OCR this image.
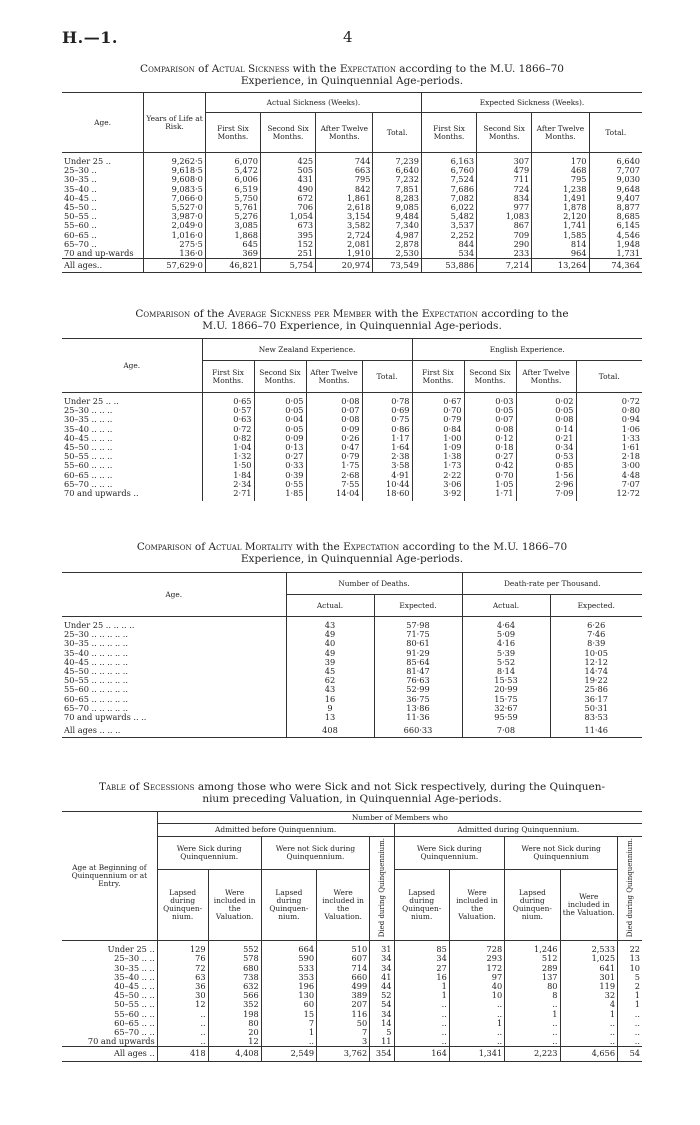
H.—1.	4
Comparison of Actual Sickness with the Expectation according to the M.U. 1866–70
Experience, in Quinquennial Age-periods.
Age.	Years of Life at Risk.	Actual Sickness (Weeks).				Expected Sickness (Weeks).			
		First Six Months.	Second Six Months.	After Twelve Months.	Total.	First Six Months.	Second Six Months.	After Twelve Months.	Total.
Under 25 ..	9,262·5	6,070	425	744	7,239	6,163	307	170	6,640
25–30 ..	9,618·5	5,472	505	663	6,640	6,760	479	468	7,707
30–35 ..	9,608·0	6,006	431	795	7,232	7,524	711	795	9,030
35–40 ..	9,083·5	6,519	490	842	7,851	7,686	724	1,238	9,648
40–45 ..	7,066·0	5,750	672	1,861	8,283	7,082	834	1,491	9,407
45–50 ..	5,527·0	5,761	706	2,618	9,085	6,022	977	1,878	8,877
50–55 ..	3,987·0	5,276	1,054	3,154	9,484	5,482	1,083	2,120	8,685
55–60 ..	2,049·0	3,085	673	3,582	7,340	3,537	867	1,741	6,145
60–65 ..	1,016·0	1,868	395	2,724	4,987	2,252	709	1,585	4,546
65–70 ..	275·5	645	152	2,081	2,878	844	290	814	1,948
70 and up-wards	136·0	369	251	1,910	2,530	534	233	964	1,731
All ages..	57,629·0	46,821	5,754	20,974	73,549	53,886	7,214	13,264	74,364
Comparison of the Average Sickness per Member with the Expectation according to the
M.U. 1866–70 Experience, in Quinquennial Age-periods.
Age.	New Zealand Experience.				English Experience.			
	First Six Months.	Second Six Months.	After Twelve Months.	Total.	First Six Months.	Second Six Months.	After Twelve Months.	Total.
Under 25 .. ..	0·65	0·05	0·08	0·78	0·67	0·03	0·02	0·72
25–30 .. .. ..	0·57	0·05	0·07	0·69	0·70	0·05	0·05	0·80
30–35 .. .. ..	0·63	0·04	0·08	0·75	0·79	0·07	0·08	0·94
35–40 .. .. ..	0·72	0·05	0·09	0·86	0·84	0·08	0·14	1·06
40–45 .. .. ..	0·82	0·09	0·26	1·17	1·00	0·12	0·21	1·33
45–50 .. .. ..	1·04	0·13	0·47	1·64	1·09	0·18	0·34	1·61
50–55 .. .. ..	1·32	0·27	0·79	2·38	1·38	0·27	0·53	2·18
55–60 .. .. ..	1·50	0·33	1·75	3·58	1·73	0·42	0·85	3·00
60–65 .. .. ..	1·84	0·39	2·68	4·91	2·22	0·70	1·56	4·48
65–70 .. .. ..	2·34	0·55	7·55	10·44	3·06	1·05	2·96	7·07
70 and upwards ..	2·71	1·85	14·04	18·60	3·92	1·71	7·09	12·72
Comparison of Actual Mortality with the Expectation according to the M.U. 1866–70
Experience, in Quinquennial Age-periods.
Age.	Number of Deaths.		Death-rate per Thousand.	
	Actual.	Expected.	Actual.	Expected.
Under 25 .. .. .. ..	43	57·98	4·64	6·26
25–30 .. .. .. .. ..	49	71·75	5·09	7·46
30–35 .. .. .. .. ..	40	80·61	4·16	8·39
35–40 .. .. .. .. ..	49	91·29	5·39	10·05
40–45 .. .. .. .. ..	39	85·64	5·52	12·12
45–50 .. .. .. .. ..	45	81·47	8·14	14·74
50–55 .. .. .. .. ..	62	76·63	15·53	19·22
55–60 .. .. .. .. ..	43	52·99	20·99	25·86
60–65 .. .. .. .. ..	16	36·75	15·75	36·17
65–70 .. .. .. .. ..	9	13·86	32·67	50·31
70 and upwards .. ..	13	11·36	95·59	83·53
All ages .. .. ..	408	660·33	7·08	11·46
Table of Secessions among those who were Sick and not Sick respectively, during the Quinquen-
nium preceding Valuation, in Quinquennial Age-periods.
Age at Beginning of Quinquennium or at Entry.	Number of Members who									
	Admitted before Quinquennium.					Admitted during Quinquennium.				
	Were Sick during Quinquennium.		Were not Sick during Quinquennium.		Died during Quinquennium.	Were Sick during Quinquennium.		Were not Sick during Quinquennium		Died during Quinquennium.
	Lapsed during Quinquen-nium.	Were included in the Valuation.	Lapsed during Quinquen-nium.	Were included in the Valuation.		Lapsed during Quinquen-nium.	Were included in the Valuation.	Lapsed during Quinquen-nium.	Were included in the Valuation.	
Under 25 ..	129	552	664	510	31	85	728	1,246	2,533	22
25–30 .. ..	76	578	590	607	34	34	293	512	1,025	13
30–35 .. ..	72	680	533	714	34	27	172	289	641	10
35–40 .. ..	63	738	353	660	41	16	97	137	301	5
40–45 .. ..	36	632	196	499	44	1	40	80	119	2
45–50 .. ..	30	566	130	389	52	1	10	8	32	1
50–55 .. ..	12	352	60	207	54	..	..	..	4	1
55–60 .. ..	..	198	15	116	34	..	..	1	1	..
60–65 .. ..	..	80	7	50	14	..	1	..	..	..
65–70 .. ..	..	20	1	7	5	..	..	..	..	..
70 and upwards	..	12	..	3	11	..	..	..	..	..
All ages ..	418	4,408	2,549	3,762	354	164	1,341	2,223	4,656	54
